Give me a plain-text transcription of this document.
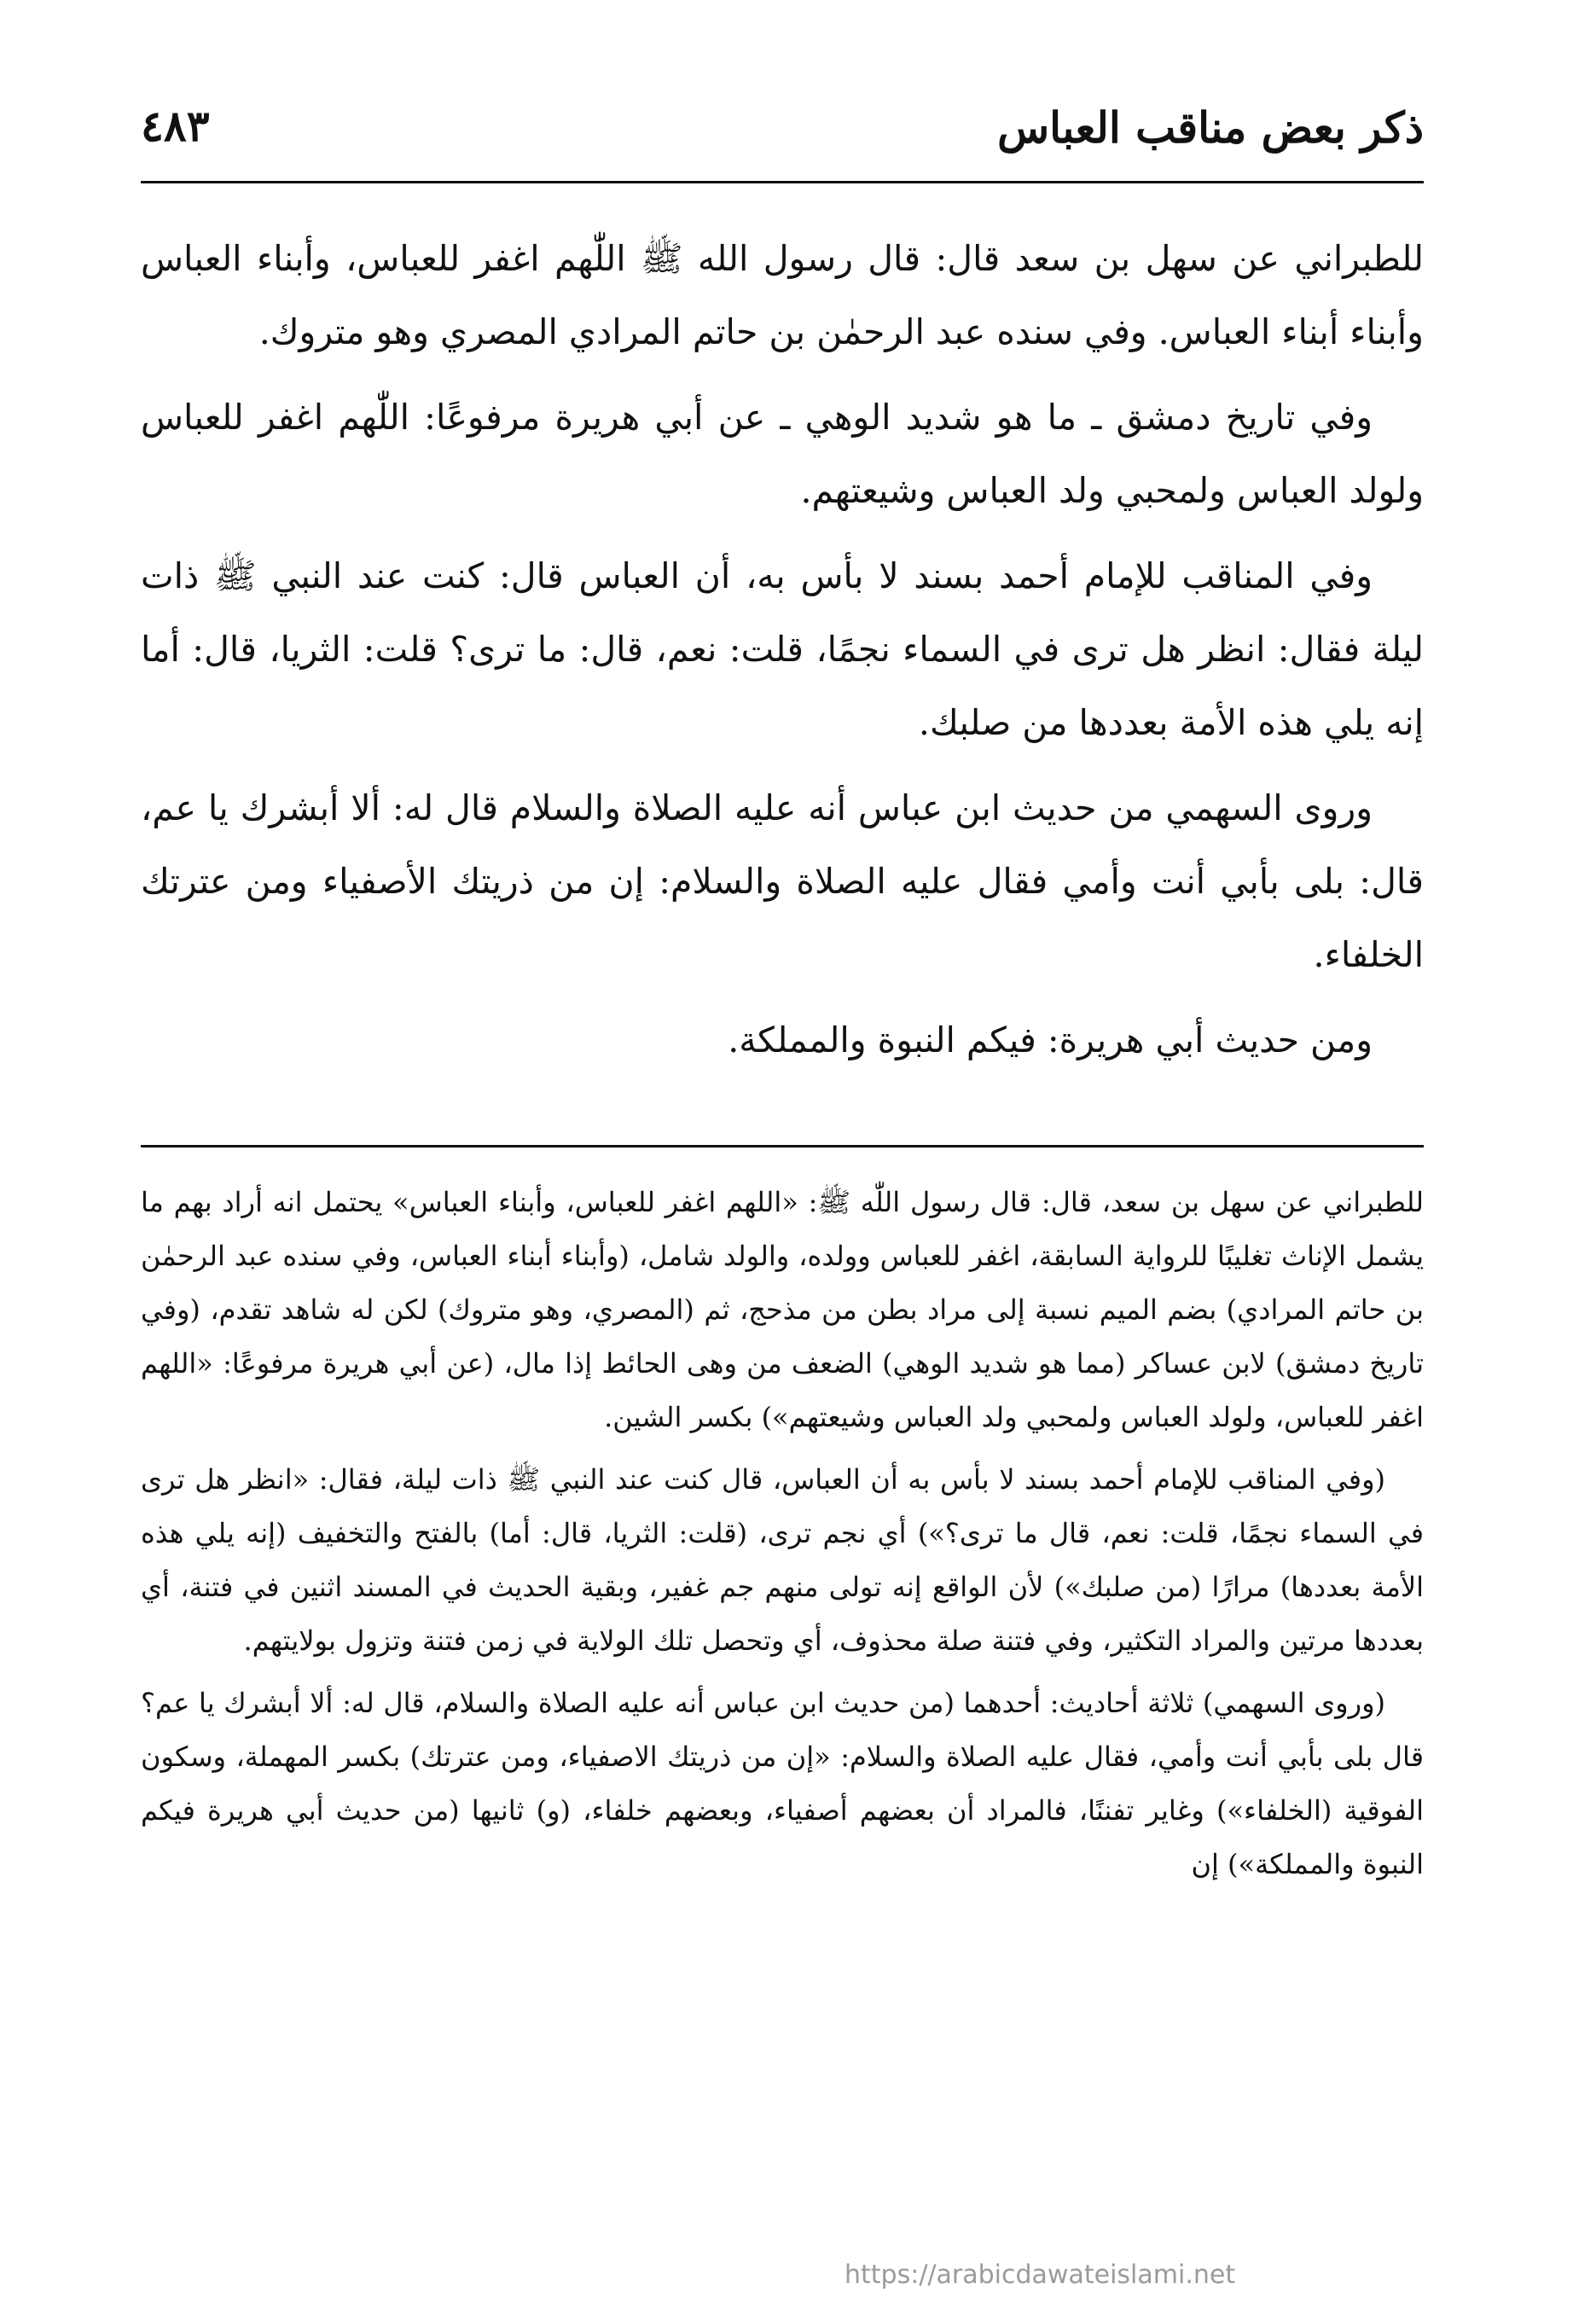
ذكر بعض مناقب العباس
٤٨٣

للطبراني عن سهل بن سعد قال: قال رسول الله ﷺ اللّٰهم اغفر للعباس، وأبناء العباس وأبناء أبناء العباس. وفي سنده عبد الرحمٰن بن حاتم المرادي المصري وهو متروك.

وفي تاريخ دمشق ـ ما هو شديد الوهي ـ عن أبي هريرة مرفوعًا: اللّٰهم اغفر للعباس ولولد العباس ولمحبي ولد العباس وشيعتهم.

وفي المناقب للإمام أحمد بسند لا بأس به، أن العباس قال: كنت عند النبي ﷺ ذات ليلة فقال: انظر هل ترى في السماء نجمًا، قلت: نعم، قال: ما ترى؟ قلت: الثريا، قال: أما إنه يلي هذه الأمة بعددها من صلبك.

وروى السهمي من حديث ابن عباس أنه عليه الصلاة والسلام قال له: ألا أبشرك يا عم، قال: بلى بأبي أنت وأمي فقال عليه الصلاة والسلام: إن من ذريتك الأصفياء ومن عترتك الخلفاء.

ومن حديث أبي هريرة: فيكم النبوة والمملكة.

للطبراني عن سهل بن سعد، قال: قال رسول اللّٰه ﷺ: «اللهم اغفر للعباس، وأبناء العباس» يحتمل انه أراد بهم ما يشمل الإناث تغليبًا للرواية السابقة، اغفر للعباس وولده، والولد شامل، (وأبناء أبناء العباس، وفي سنده عبد الرحمٰن بن حاتم المرادي) بضم الميم نسبة إلى مراد بطن من مذحج، ثم (المصري، وهو متروك) لكن له شاهد تقدم، (وفي تاريخ دمشق) لابن عساكر (مما هو شديد الوهي) الضعف من وهى الحائط إذا مال، (عن أبي هريرة مرفوعًا: «اللهم اغفر للعباس، ولولد العباس ولمحبي ولد العباس وشيعتهم») بكسر الشين.

(وفي المناقب للإمام أحمد بسند لا بأس به أن العباس، قال كنت عند النبي ﷺ ذات ليلة، فقال: «انظر هل ترى في السماء نجمًا، قلت: نعم، قال ما ترى؟») أي نجم ترى، (قلت: الثريا، قال: أما) بالفتح والتخفيف (إنه يلي هذه الأمة بعددها) مرارًا (من صلبك») لأن الواقع إنه تولى منهم جم غفير، وبقية الحديث في المسند اثنين في فتنة، أي بعددها مرتين والمراد التكثير، وفي فتنة صلة محذوف، أي وتحصل تلك الولاية في زمن فتنة وتزول بولايتهم.

(وروى السهمي) ثلاثة أحاديث: أحدهما (من حديث ابن عباس أنه عليه الصلاة والسلام، قال له: ألا أبشرك يا عم؟ قال بلى بأبي أنت وأمي، فقال عليه الصلاة والسلام: «إن من ذريتك الاصفياء، ومن عترتك) بكسر المهملة، وسكون الفوقية (الخلفاء») وغاير تفننًا، فالمراد أن بعضهم أصفياء، وبعضهم خلفاء، (و) ثانيها (من حديث أبي هريرة فيكم النبوة والمملكة») إن

https://arabicdawateislami.net
